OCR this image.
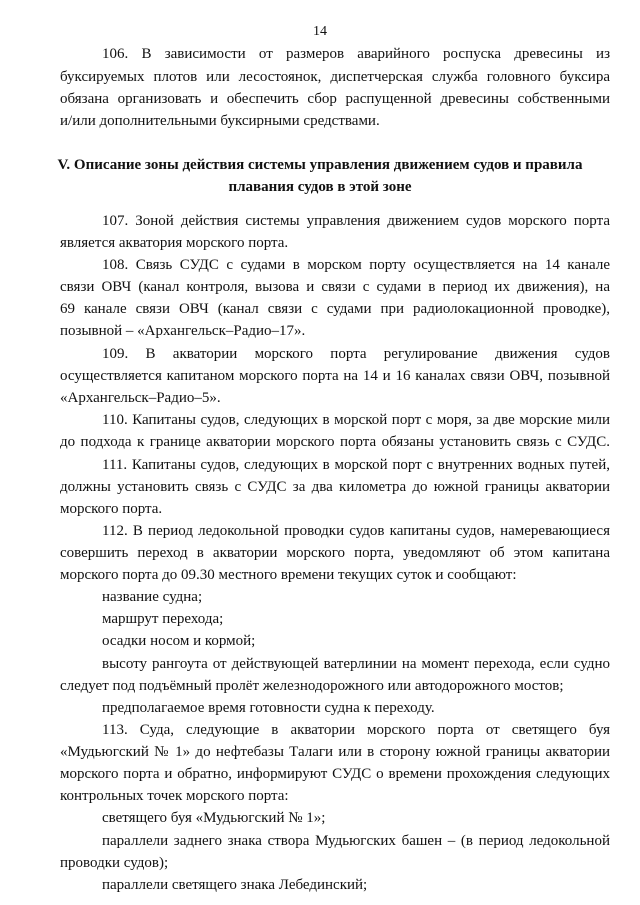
14
106. В зависимости от размеров аварийного роспуска древесины из
буксируемых плотов или лесостоянок, диспетчерская служба головного буксира
обязана организовать и обеспечить сбор распущенной древесины собственными
и/или дополнительными буксирными средствами.
V. Описание зоны действия системы управления движением судов и правила
плавания судов в этой зоне
107. Зоной действия системы управления движением судов морского порта
является акватория морского порта.
108. Связь СУДС с судами в морском порту осуществляется на 14 канале
связи ОВЧ (канал контроля, вызова и связи с судами в период их движения), на
69 канале связи ОВЧ (канал связи с судами при радиолокационной проводке),
позывной – «Архангельск–Радио–17».
109. В акватории морского порта регулирование движения судов
осуществляется капитаном морского порта на 14 и 16 каналах связи ОВЧ, позывной
«Архангельск–Радио–5».
110. Капитаны судов, следующих в морской порт с моря, за две морские мили
до подхода к границе акватории морского порта обязаны установить связь с СУДС.
111. Капитаны судов, следующих в морской порт с внутренних водных путей,
должны установить связь с СУДС за два километра до южной границы акватории
морского порта.
112. В период ледокольной проводки судов капитаны судов, намеревающиеся
совершить переход в акватории морского порта, уведомляют об этом капитана
морского порта до 09.30 местного времени текущих суток и сообщают:
название судна;
маршрут перехода;
осадки носом и кормой;
высоту рангоута от действующей ватерлинии на момент перехода, если судно
следует под подъёмный пролёт железнодорожного или автодорожного мостов;
предполагаемое время готовности судна к переходу.
113. Суда, следующие в акватории морского порта от светящего буя
«Мудьюгский № 1» до нефтебазы Талаги или в сторону южной границы акватории
морского порта и обратно, информируют СУДС о времени прохождения следующих
контрольных точек морского порта:
светящего буя «Мудьюгский № 1»;
параллели заднего знака створа Мудьюгских башен – (в период ледокольной
проводки судов);
параллели светящего знака Лебединский;
